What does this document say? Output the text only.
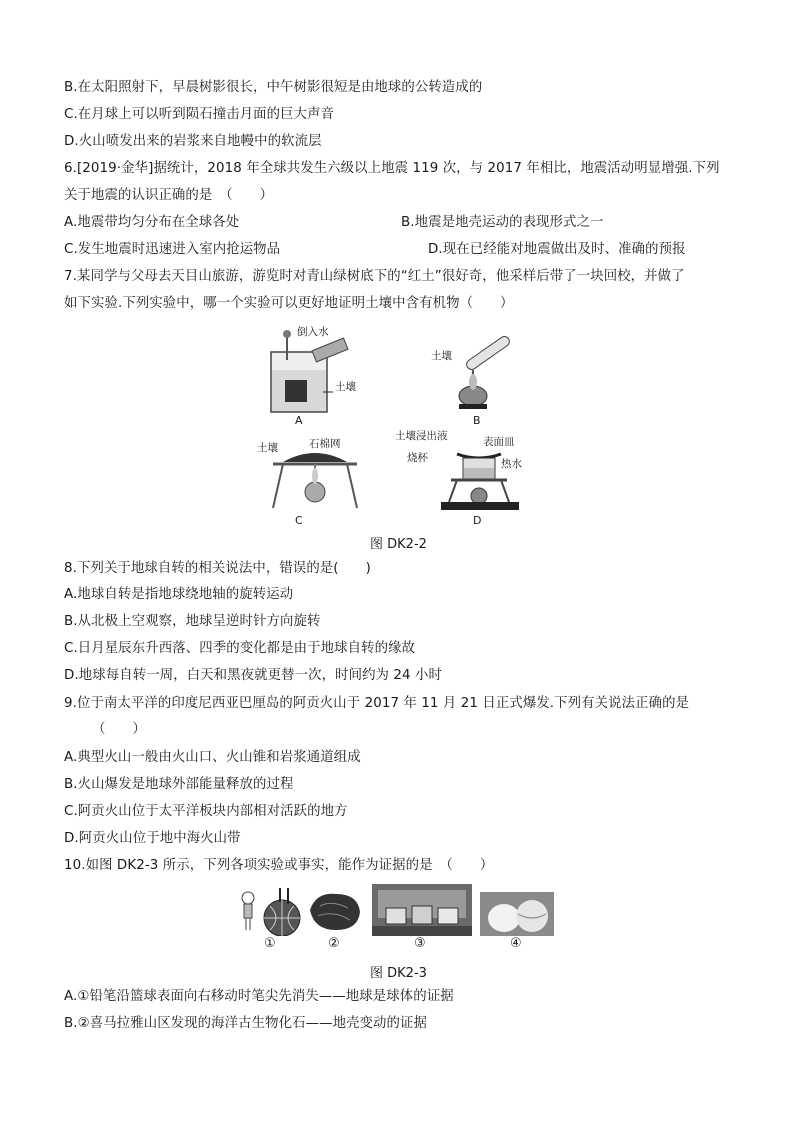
B.在太阳照射下，早晨树影很长，中午树影很短是由地球的公转造成的
C.在月球上可以听到陨石撞击月面的巨大声音
D.火山喷发出来的岩浆来自地幔中的软流层
6.[2019·金华]据统计，2018 年全球共发生六级以上地震 119 次，与 2017 年相比，地震活动明显增强.下列
关于地震的认识正确的是　（　　）
A.地震带均匀分布在全球各处	B.地震是地壳运动的表现形式之一
C.发生地震时迅速进入室内抢运物品	D.现在已经能对地震做出及时、准确的预报
7.某同学与父母去天目山旅游，游览时对青山绿树底下的“红土”很好奇，他采样后带了一块回校，并做了
如下实验.下列实验中，哪一个实验可以更好地证明土壤中含有机物（　　）
倒入水
土壤
A
土壤
B
土壤	石棉网
C
土壤浸出液	表面皿
烧杯	热水
D
图 DK2-2
8.下列关于地球自转的相关说法中，错误的是(　　)
A.地球自转是指地球绕地轴的旋转运动
B.从北极上空观察，地球呈逆时针方向旋转
C.日月星辰东升西落、四季的变化都是由于地球自转的缘故
D.地球每自转一周，白天和黑夜就更替一次，时间约为 24 小时
9.位于南太平洋的印度尼西亚巴厘岛的阿贡火山于 2017 年 11 月 21 日正式爆发.下列有关说法正确的是
（　　）
A.典型火山一般由火山口、火山锥和岩浆通道组成
B.火山爆发是地球外部能量释放的过程
C.阿贡火山位于太平洋板块内部相对活跃的地方
D.阿贡火山位于地中海火山带
10.如图 DK2-3 所示，下列各项实验或事实，能作为证据的是　（　　）
①	②	③	④
图 DK2-3
A.①铅笔沿篮球表面向右移动时笔尖先消失——地球是球体的证据
B.②喜马拉雅山区发现的海洋古生物化石——地壳变动的证据
